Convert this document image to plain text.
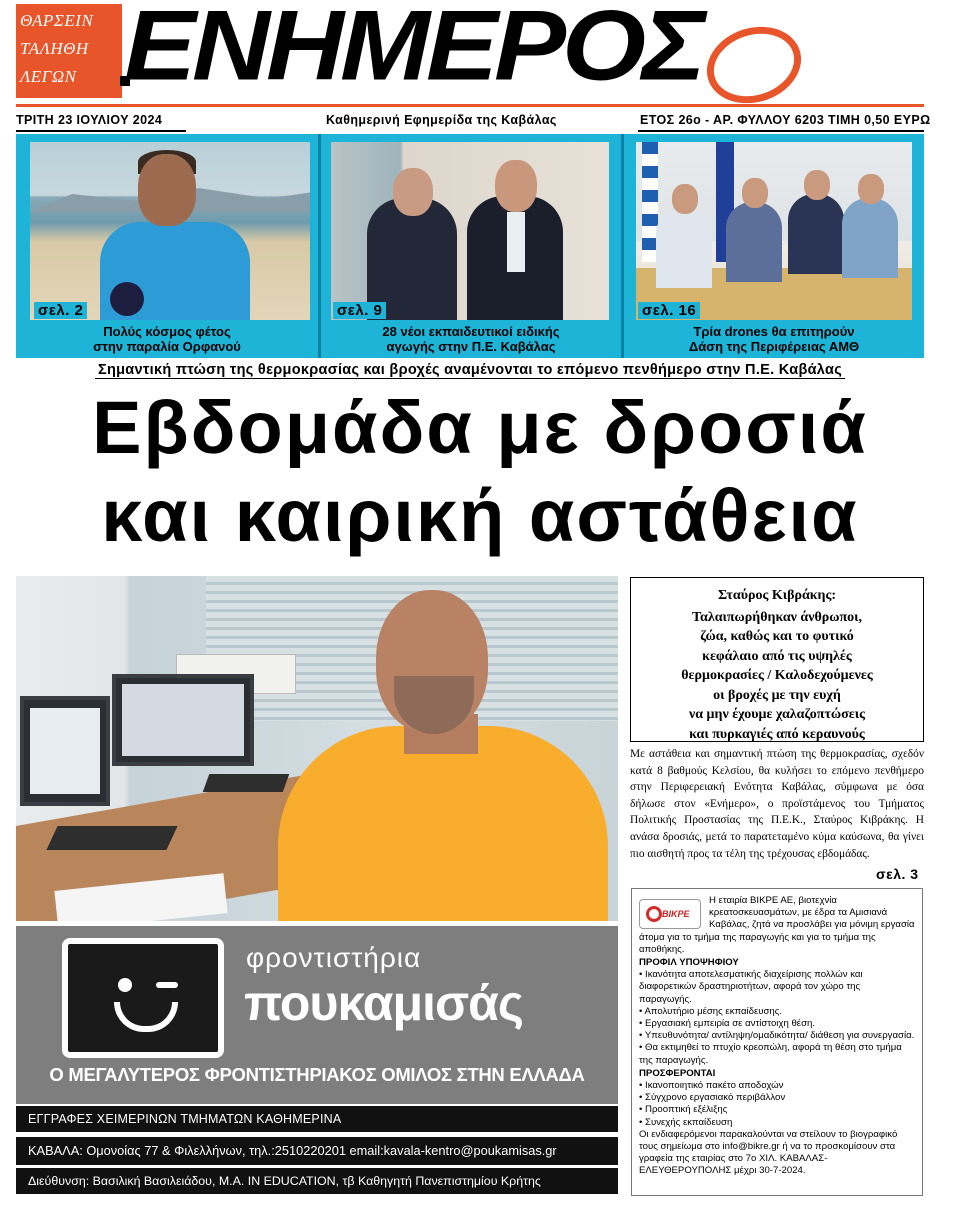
ΘΑΡΣΕΙΝ
ΤΑΛΗΘΗ
ΛΕΓΩΝ ΕΝΗΜΕΡΟΣ
ΤΡΙΤΗ 23 ΙΟΥΛΙΟΥ 2024	Καθημερινή Εφημερίδα της Καβάλας	ΕΤΟΣ 26ο - ΑΡ. ΦΥΛΛΟΥ 6203 ΤΙΜΗ 0,50 ΕΥΡΩ
σελ. 2
Πολύς κόσμος φέτος
στην παραλία Ορφανού
σελ. 9
28 νέοι εκπαιδευτικοί ειδικής
αγωγής στην Π.Ε. Καβάλας
σελ. 16
Τρία drones θα επιτηρούν
Δάση της Περιφέρειας ΑΜΘ
Σημαντική πτώση της θερμοκρασίας και βροχές αναμένονται το επόμενο πενθήμερο στην Π.Ε. Καβάλας
Εβδομάδα με δροσιά
και καιρική αστάθεια
Σταύρος Κιβράκης:
Ταλαιπωρήθηκαν άνθρωποι,
ζώα, καθώς και το φυτικό
κεφάλαιο από τις υψηλές
θερμοκρασίες / Καλοδεχούμενες
οι βροχές με την ευχή
να μην έχουμε χαλαζοπτώσεις
και πυρκαγιές από κεραυνούς
Με αστάθεια και σημαντική πτώση της θερμοκρασίας, σχεδόν κατά 8 βαθμούς Κελσίου, θα κυλήσει το επόμενο πενθήμερο στην Περιφερειακή Ενότητα Καβάλας, σύμφωνα με όσα δήλωσε στον «Ενήμερο», ο προϊστάμενος του Τμήματος Πολιτικής Προστασίας της Π.Ε.Κ., Σταύρος Κιβράκης. Η ανάσα δροσιάς, μετά το παρατεταμένο κύμα καύσωνα, θα γίνει πιο αισθητή προς τα τέλη της τρέχουσας εβδομάδας.
σελ. 3
ΒΙΚΡΕ
Η εταιρία ΒΙΚΡΕ ΑΕ, βιοτεχνία κρεατοσκευασμάτων, με έδρα τα Αμισιανά Καβάλας, ζητά να προσλάβει για μόνιμη εργασία άτομα για το τμήμα της παραγωγής και για το τμήμα της αποθήκης.
ΠΡΟΦΙΛ ΥΠΟΨΗΦΙΟΥ
• Ικανότητα αποτελεσματικής διαχείρισης πολλών και διαφορετικών δραστηριοτήτων, αφορά τον χώρο της παραγωγής.
• Απολυτήριο μέσης εκπαίδευσης.
• Εργασιακή εμπειρία σε αντίστοιχη θέση.
• Υπευθυνότητα/ αντίληψη/ομαδικότητα/ διάθεση για συνεργασία.
• Θα εκτιμηθεί το πτυχίο κρεοπώλη, αφορά τη θέση στο τμήμα της παραγωγής.
ΠΡΟΣΦΕΡΟΝΤΑΙ
• Ικανοποιητικό πακέτο αποδοχών
• Σύγχρονο εργασιακό περιβάλλον
• Προοπτική εξέλιξης
• Συνεχής εκπαίδευση
Οι ενδιαφερόμενοι παρακαλούνται να στείλουν το βιογραφικό τους σημείωμα στο info@bikre.gr ή να το προσκομίσουν στα γραφεία της εταιρίας στο 7ο ΧΙΛ. ΚΑΒΑΛΑΣ- ΕΛΕΥΘΕΡΟΥΠΟΛΗΣ μέχρι 30-7-2024.
φροντιστήρια
πουκαμισάς
Ο ΜΕΓΑΛΥΤΕΡΟΣ ΦΡΟΝΤΙΣΤΗΡΙΑΚΟΣ ΟΜΙΛΟΣ ΣΤΗΝ ΕΛΛΑΔΑ
ΕΓΓΡΑΦΕΣ ΧΕΙΜΕΡΙΝΩΝ ΤΜΗΜΑΤΩΝ ΚΑΘΗΜΕΡΙΝΑ
ΚΑΒΑΛΑ: Ομονοίας 77 & Φιλελλήνων, τηλ.:2510220201 email:kavala-kentro@poukamisas.gr
Διεύθυνση: Βασιλική Βασιλειάδου, M.A. IN EDUCATION, τβ Καθηγητή Πανεπιστημίου Κρήτης
